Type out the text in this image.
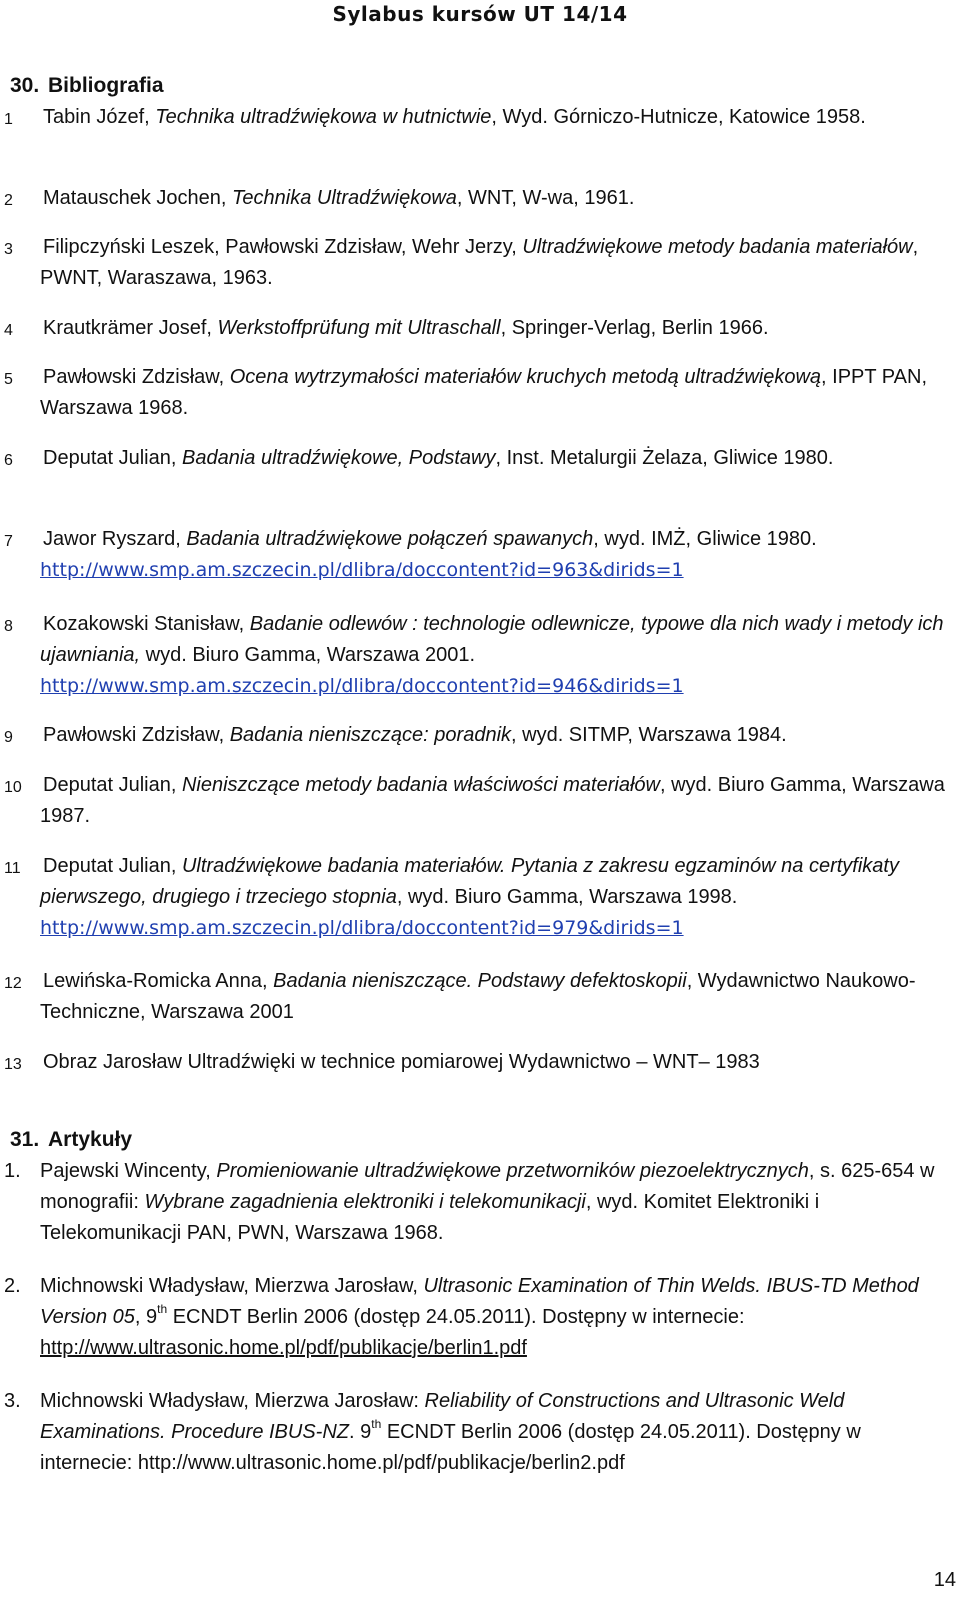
Sylabus kursów UT 14/14
30. Bibliografia
1 Tabin Józef, Technika ultradźwiękowa w hutnictwie, Wyd. Górniczo-Hutnicze, Katowice 1958.
2 Matauschek Jochen, Technika Ultradźwiękowa, WNT, W-wa, 1961.
3 Filipczyński Leszek, Pawłowski Zdzisław, Wehr Jerzy, Ultradźwiękowe metody badania materiałów, PWNT, Waraszawa, 1963.
4 Krautkrämer Josef, Werkstoffprüfung mit Ultraschall, Springer-Verlag, Berlin 1966.
5 Pawłowski Zdzisław, Ocena wytrzymałości materiałów kruchych metodą ultradźwiękową, IPPT PAN, Warszawa 1968.
6 Deputat Julian, Badania ultradźwiękowe, Podstawy, Inst. Metalurgii Żelaza, Gliwice 1980.
7 Jawor Ryszard, Badania ultradźwiękowe połączeń spawanych, wyd. IMŻ, Gliwice 1980.
http://www.smp.am.szczecin.pl/dlibra/doccontent?id=963&dirids=1
8 Kozakowski Stanisław, Badanie odlewów : technologie odlewnicze, typowe dla nich wady i metody ich ujawniania, wyd. Biuro Gamma, Warszawa 2001.
http://www.smp.am.szczecin.pl/dlibra/doccontent?id=946&dirids=1
9 Pawłowski Zdzisław, Badania nieniszczące: poradnik, wyd. SITMP, Warszawa 1984.
10 Deputat Julian, Nieniszczące metody badania właściwości materiałów, wyd. Biuro Gamma, Warszawa 1987.
11 Deputat Julian, Ultradźwiękowe badania materiałów. Pytania z zakresu egzaminów na certyfikaty pierwszego, drugiego i trzeciego stopnia, wyd. Biuro Gamma, Warszawa 1998. http://www.smp.am.szczecin.pl/dlibra/doccontent?id=979&dirids=1
12 Lewińska-Romicka Anna, Badania nieniszczące. Podstawy defektoskopii, Wydawnictwo Naukowo-Techniczne, Warszawa 2001
13 Obraz Jarosław Ultradźwięki w technice pomiarowej Wydawnictwo – WNT– 1983
31. Artykuły
1. Pajewski Wincenty, Promieniowanie ultradźwiękowe przetworników piezoelektrycznych, s. 625-654 w monografii: Wybrane zagadnienia elektroniki i telekomunikacji, wyd. Komitet Elektroniki i Telekomunikacji PAN, PWN, Warszawa 1968.
2. Michnowski Władysław, Mierzwa Jarosław, Ultrasonic Examination of Thin Welds. IBUS-TD Method Version 05, 9th ECNDT Berlin 2006 (dostęp 24.05.2011). Dostępny w internecie: http://www.ultrasonic.home.pl/pdf/publikacje/berlin1.pdf
3. Michnowski Władysław, Mierzwa Jarosław: Reliability of Constructions and Ultrasonic Weld Examinations. Procedure IBUS-NZ. 9th ECNDT Berlin 2006 (dostęp 24.05.2011). Dostępny w internecie: http://www.ultrasonic.home.pl/pdf/publikacje/berlin2.pdf
14
